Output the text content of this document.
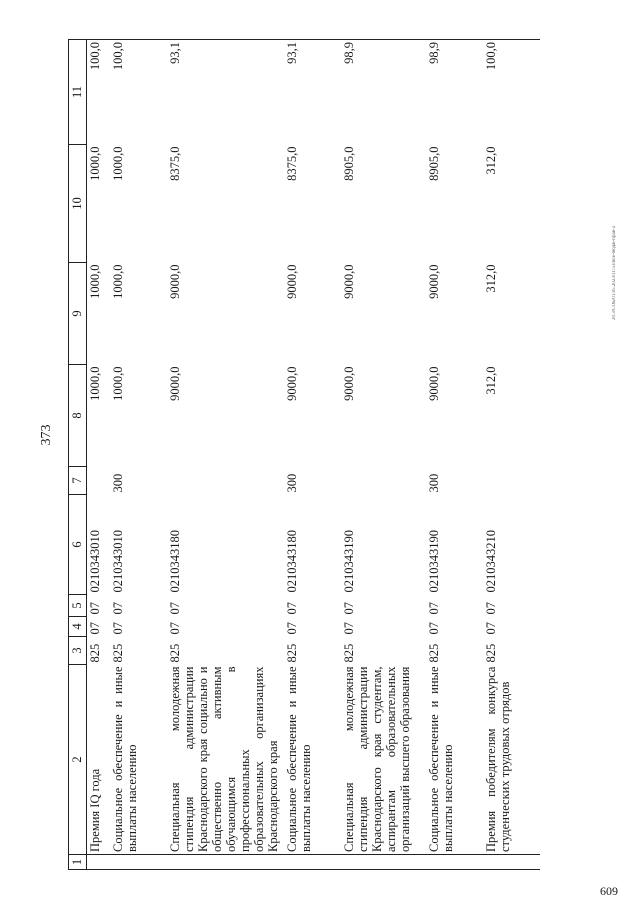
609
20.3/СОБ/01.05.2023/11:53/вое-бюдж-прав-2
373
1	2	3	4	5	6	7	8	9	10	11
	Премия IQ года	825	07	07	0210343010		1000,0	1000,0	1000,0	100,0
	Социальное обеспечение и иные выплаты населению	825	07	07	0210343010	300	1000,0	1000,0	1000,0	100,0
	Специальная молодежная стипендия администрации Краснодарского края социально и общественно активным обучающимся в профессиональных образовательных организациях Краснодарского края	825	07	07	0210343180		9000,0	9000,0	8375,0	93,1
	Социальное обеспечение и иные выплаты населению	825	07	07	0210343180	300	9000,0	9000,0	8375,0	93,1
	Специальная молодежная стипендия администрации Краснодарского края студентам, аспирантам образовательных организаций высшего образования	825	07	07	0210343190		9000,0	9000,0	8905,0	98,9
	Социальное обеспечение и иные выплаты населению	825	07	07	0210343190	300	9000,0	9000,0	8905,0	98,9
	Премия победителям конкурса студенческих трудовых отрядов	825	07	07	0210343210		312,0	312,0	312,0	100,0
